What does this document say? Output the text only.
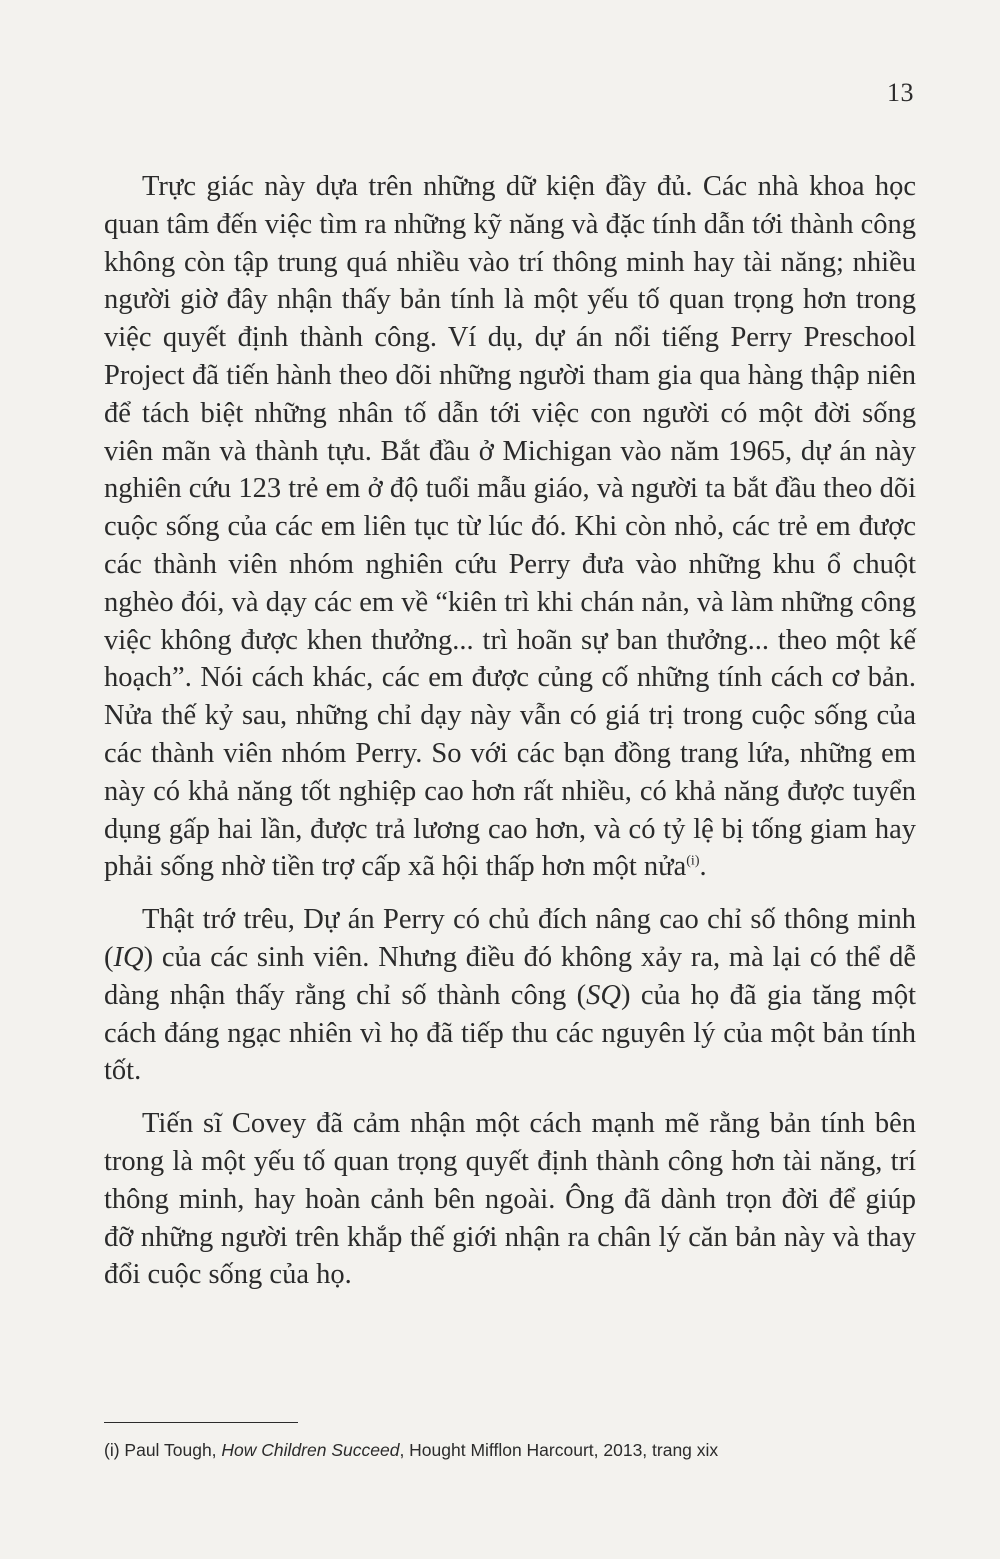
13

Trực giác này dựa trên những dữ kiện đầy đủ. Các nhà khoa học quan tâm đến việc tìm ra những kỹ năng và đặc tính dẫn tới thành công không còn tập trung quá nhiều vào trí thông minh hay tài năng; nhiều người giờ đây nhận thấy bản tính là một yếu tố quan trọng hơn trong việc quyết định thành công. Ví dụ, dự án nổi tiếng Perry Preschool Project đã tiến hành theo dõi những người tham gia qua hàng thập niên để tách biệt những nhân tố dẫn tới việc con người có một đời sống viên mãn và thành tựu. Bắt đầu ở Michigan vào năm 1965, dự án này nghiên cứu 123 trẻ em ở độ tuổi mẫu giáo, và người ta bắt đầu theo dõi cuộc sống của các em liên tục từ lúc đó. Khi còn nhỏ, các trẻ em được các thành viên nhóm nghiên cứu Perry đưa vào những khu ổ chuột nghèo đói, và dạy các em về “kiên trì khi chán nản, và làm những công việc không được khen thưởng... trì hoãn sự ban thưởng... theo một kế hoạch”. Nói cách khác, các em được củng cố những tính cách cơ bản. Nửa thế kỷ sau, những chỉ dạy này vẫn có giá trị trong cuộc sống của các thành viên nhóm Perry. So với các bạn đồng trang lứa, những em này có khả năng tốt nghiệp cao hơn rất nhiều, có khả năng được tuyển dụng gấp hai lần, được trả lương cao hơn, và có tỷ lệ bị tống giam hay phải sống nhờ tiền trợ cấp xã hội thấp hơn một nửa$^{(i)}$.

Thật trớ trêu, Dự án Perry có chủ đích nâng cao chỉ số thông minh (IQ) của các sinh viên. Nhưng điều đó không xảy ra, mà lại có thể dễ dàng nhận thấy rằng chỉ số thành công (SQ) của họ đã gia tăng một cách đáng ngạc nhiên vì họ đã tiếp thu các nguyên lý của một bản tính tốt.

Tiến sĩ Covey đã cảm nhận một cách mạnh mẽ rằng bản tính bên trong là một yếu tố quan trọng quyết định thành công hơn tài năng, trí thông minh, hay hoàn cảnh bên ngoài. Ông đã dành trọn đời để giúp đỡ những người trên khắp thế giới nhận ra chân lý căn bản này và thay đổi cuộc sống của họ.

(i) Paul Tough, How Children Succeed, Hought Mifflon Harcourt, 2013, trang xix
